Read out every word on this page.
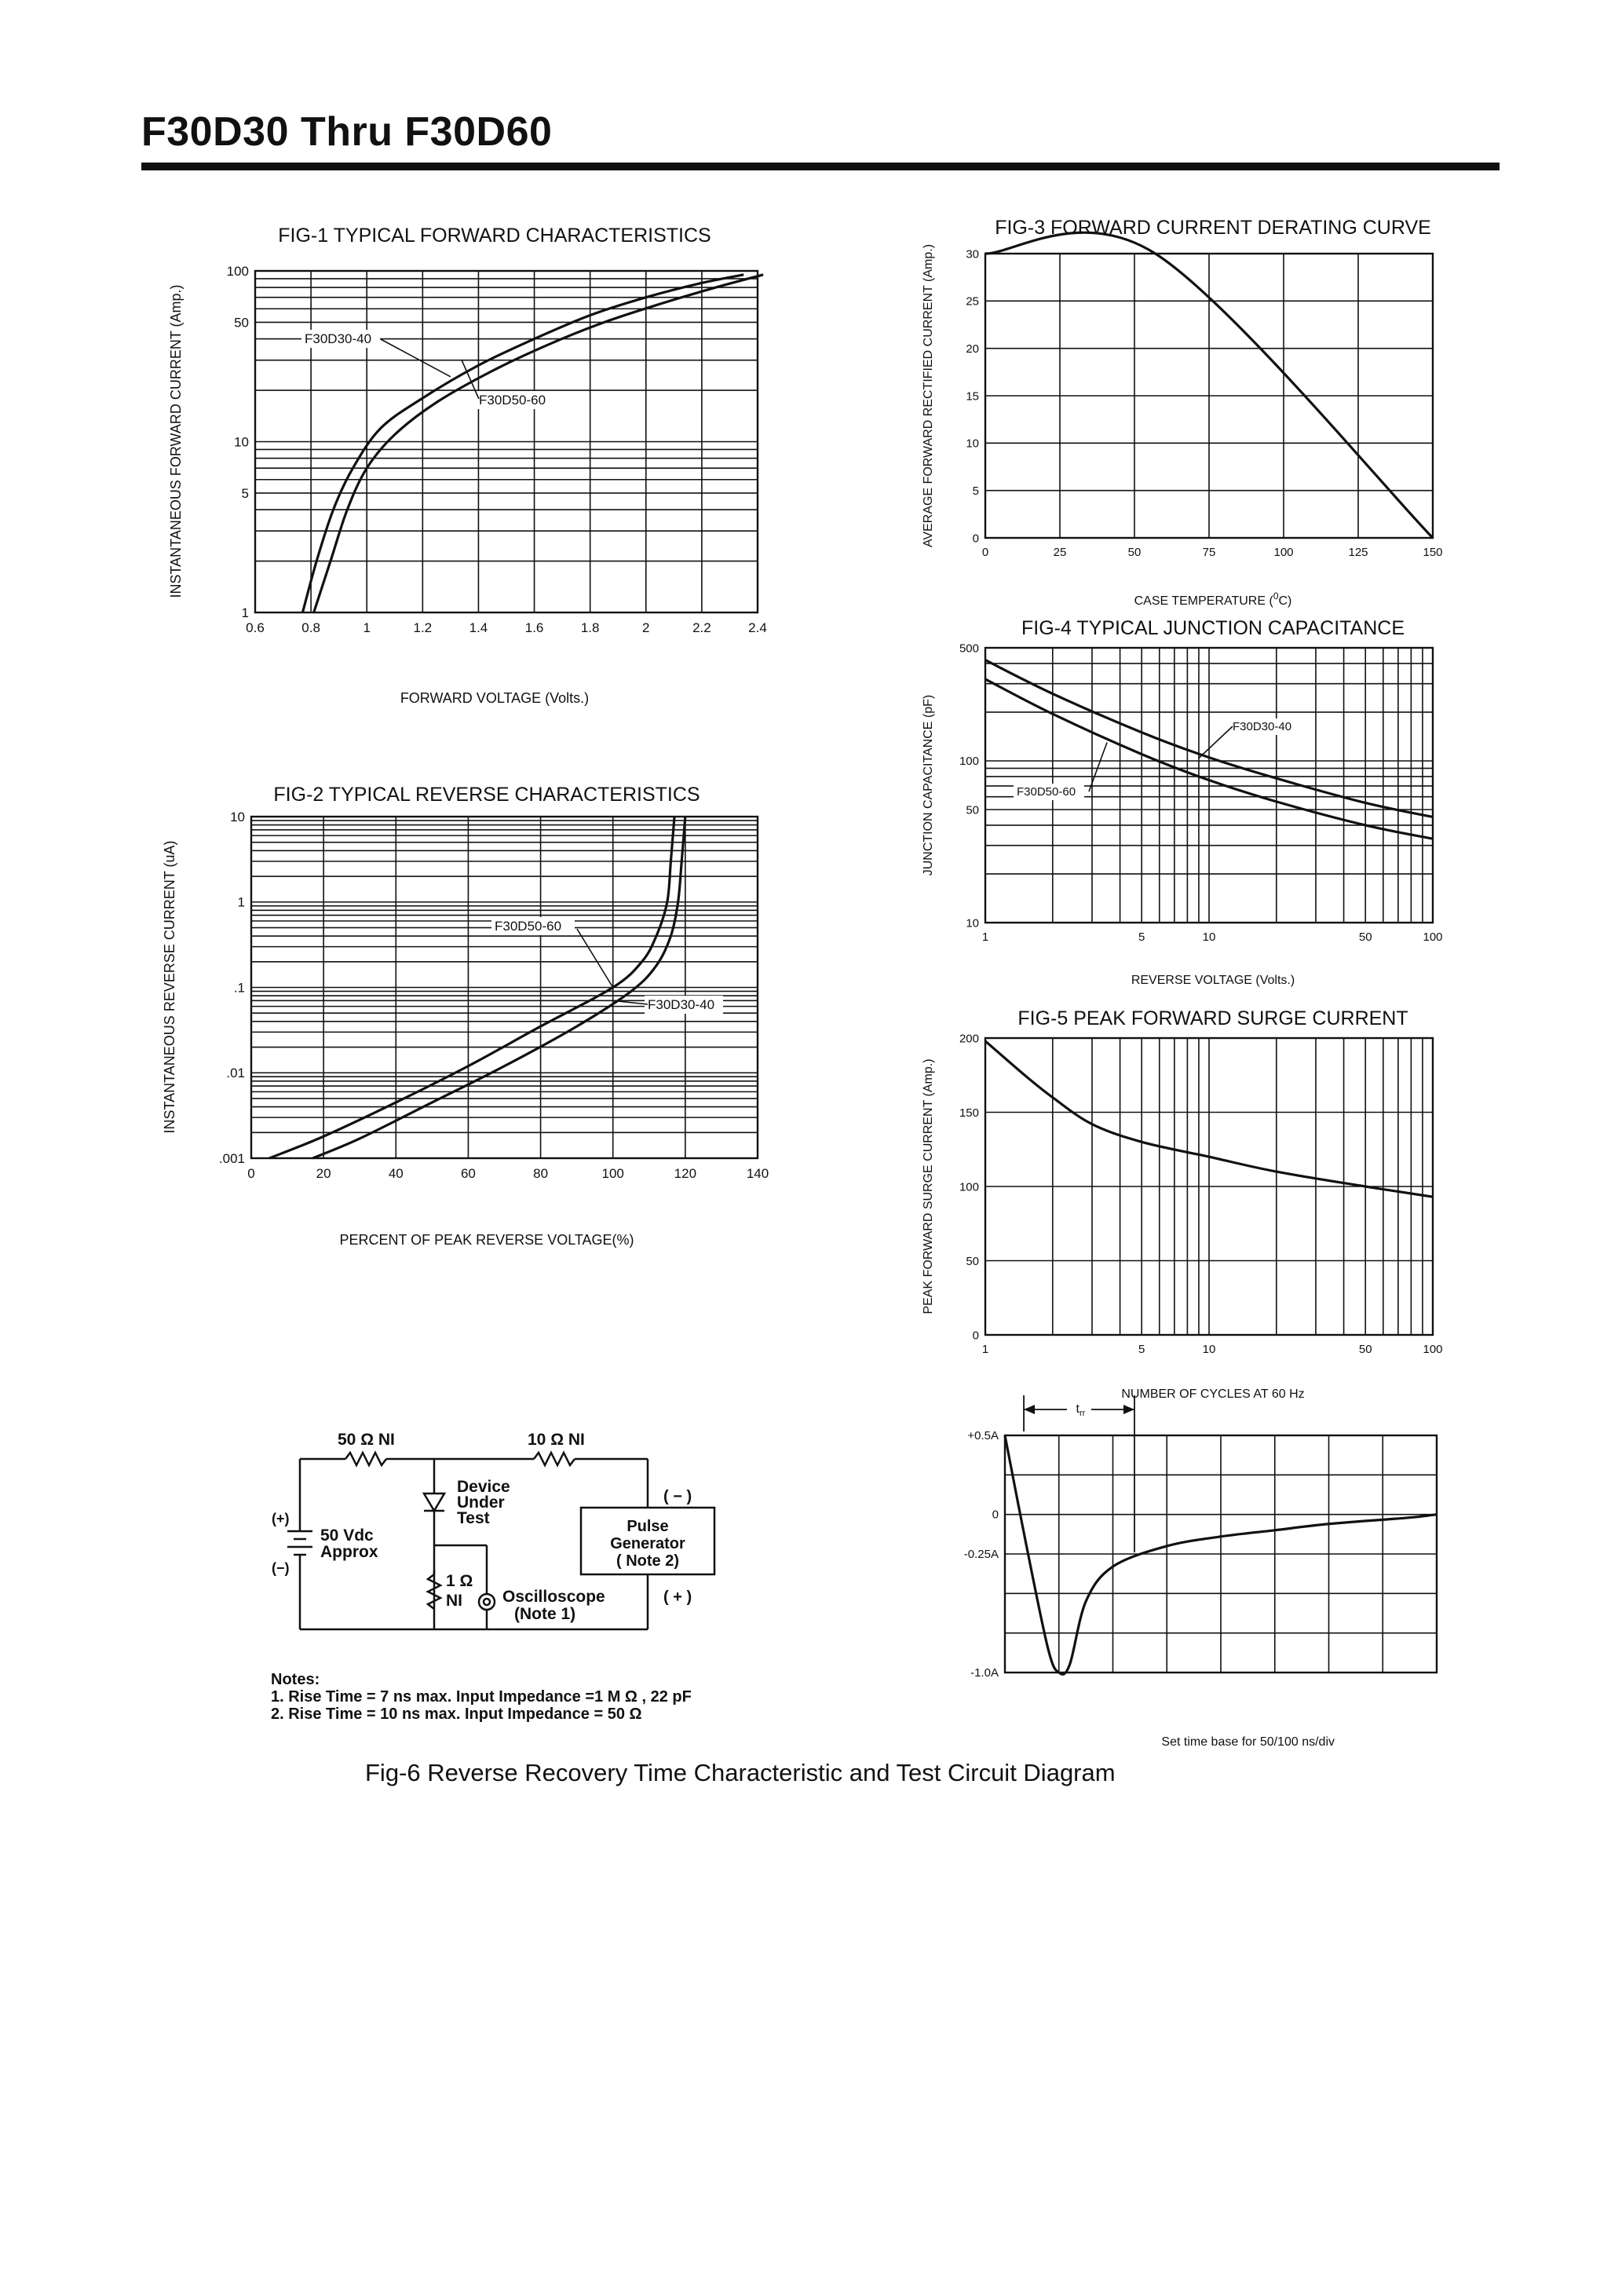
F30D30 Thru F30D60
0.6	0.8	1	1.2	1.4	1.6	1.8	2	2.2	2.4
1
5
10
50
100
FIG-1 TYPICAL FORWARD CHARACTERISTICS
FORWARD VOLTAGE (Volts.)
INSTANTANEOUS FORWARD CURRENT (Amp.)	F30D30-40
F30D50-60
0	20	40	60	80	100	120	140
.001
.01
.1
1
10
FIG-2 TYPICAL REVERSE CHARACTERISTICS
PERCENT OF PEAK REVERSE VOLTAGE(%)
INSTANTANEOUS REVERSE CURRENT (uA)	F30D50-60
F30D30-40
0	25	50	75	100	125	150
0
5
10
15
20
25
30
FIG-3 FORWARD CURRENT DERATING CURVE
AVERAGE FORWARD RECTIFIED CURRENT (Amp.)
CASE TEMPERATURE ($^0$C)
1	5	10	50	100
10
50
100
500
FIG-4 TYPICAL JUNCTION CAPACITANCE
REVERSE VOLTAGE (Volts.)
JUNCTION CAPACITANCE (pF)	F30D30-40
F30D50-60
1	5	10	50	100
0
50
100
150
200
FIG-5 PEAK FORWARD SURGE CURRENT
NUMBER OF CYCLES AT 60 Hz
PEAK FORWARD SURGE CURRENT (Amp.)
+0.5A
0
-0.25A
-1.0A
$t_{rr}$
Set time base for 50/100 ns/div
50 Ω NI	10 Ω NI
Device
Under
Test
(+)
50 Vdc
Approx
(−)
1 Ω
NI Oscilloscope
(Note 1)
Pulse
Generator
( Note 2)
( − )
( + )
Notes:
1. Rise Time = 7 ns max. Input Impedance =1 M Ω , 22 pF
2. Rise Time = 10 ns max. Input Impedance = 50 Ω
Fig-6 Reverse Recovery Time Characteristic and Test Circuit Diagram
